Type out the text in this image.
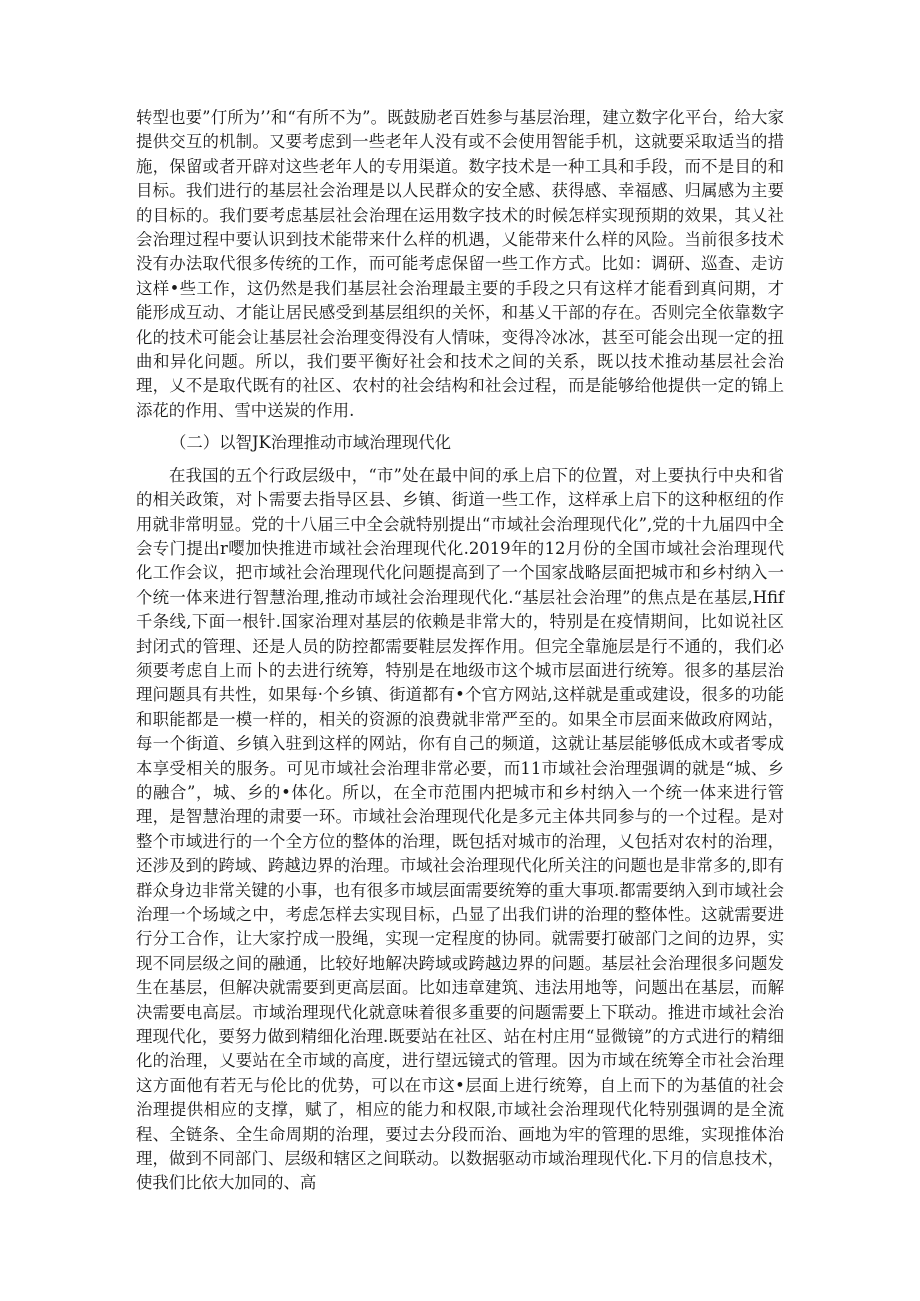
转型也要”仃所为’’和“有所不为”。既鼓励老百姓参与基层治理，建立数字化平台，给大家提供交互的机制。又要考虑到一些老年人没有或不会使用智能手机，这就要采取适当的措施，保留或者开辟对这些老年人的专用渠道。数字技术是一种工具和手段，而不是目的和目标。我们进行的基层社会治理是以人民群众的安全感、获得感、幸福感、归属感为主要的目标的。我们要考虑基层社会治理在运用数字技术的时候怎样实现预期的效果，其乂社会治理过程中要认识到技术能带来什么样的机遇，乂能带来什么样的风险。当前很多技术没有办法取代很多传统的工作，而可能考虑保留一些工作方式。比如：调研、巡查、走访这样•些工作，这仍然是我们基层社会治理最主要的手段之只有这样才能看到真问期，才能形成互动、才能让居民感受到基层组织的关怀，和基乂干部的存在。否则完全依靠数字化的技术可能会让基层社会治理变得没有人情味，变得冷冰冰，甚至可能会出现一定的扭曲和异化问题。所以，我们要平衡好社会和技术之间的关系，既以技术推动基层社会治理，乂不是取代既有的社区、农村的社会结构和社会过程，而是能够给他提供一定的锦上添花的作用、雪中送炭的作用.

（二）以智JK治理推动市域治理现代化

在我国的五个行政层级中，“市”处在最中间的承上启下的位置，对上要执行中央和省的相关政策，对卜需要去指导区县、乡镇、街道一些工作，这样承上启下的这种枢纽的作用就非常明显。党的十八届三中全会就特别提出“市域社会治理现代化”,党的十九届四中全会专门提出r嘤加快推进市域社会治理现代化.2019年的12月份的全国市域社会治理现代化工作会议，把市域社会治理现代化问题提高到了一个国家战略层面把城市和乡村纳入一个统一体来进行智慧治理,推动市域社会治理现代化.“基层社会治理”的焦点是在基层,Hfif千条线,下面一根针.国家治理对基层的依赖是非常大的，特别是在疫情期间，比如说社区封闭式的管理、还是人员的防控都需要鞋层发挥作用。但完全靠施层是行不通的，我们必须要考虑自上而卜的去进行统筹，特别是在地级市这个城市层面进行统筹。很多的基层治理问题具有共性，如果每·个乡镇、街道都有•个官方网站,这样就是重或建设，很多的功能和职能都是一模一样的，相关的资源的浪费就非常严至的。如果全市层面来做政府网站，每一个街道、乡镇入驻到这样的网站，你有自己的频道，这就让基层能够低成木或者零成本享受相关的服务。可见市域社会治理非常必要，而11市域社会治理强调的就是“城、乡的融合”，城、乡的•体化。所以，在全市范围内把城市和乡村纳入一个统一体来进行管理，是智慧治理的肃要一环。市域社会治理现代化是多元主体共同参与的一个过程。是对整个市域进行的一个全方位的整体的治理，既包括对城市的治理，乂包括对农村的治理，还涉及到的跨域、跨越边界的治理。市域社会治理现代化所关注的问题也是非常多的,即有群众身边非常关键的小事，也有很多市域层面需要统筹的重大事项.都需要纳入到市域社会治理一个场域之中，考虑怎样去实现目标，凸显了出我们讲的治理的整体性。这就需要进行分工合作，让大家拧成一股绳，实现一定程度的协同。就需要打破部门之间的边界，实现不同层级之间的融通，比较好地解决跨域或跨越边界的问题。基层社会治理很多问题发生在基层，但解决就需要到更高层面。比如违章建筑、违法用地等，问题出在基层，而解决需要电高层。市域治理现代化就意味着很多重要的问题需要上下联动。推进市域社会治理现代化，要努力做到精细化治理.既要站在社区、站在村庄用“显微镜”的方式进行的精细化的治理，乂要站在全市域的高度，进行望远镜式的管理。因为市域在统筹全市社会治理这方面他有若无与伦比的优势，可以在市这•层面上进行统筹，自上而下的为基值的社会治理提供相应的支撑，赋了，相应的能力和权限,市域社会治理现代化特别强调的是全流程、全链条、全生命周期的治理，要过去分段而治、画地为牢的管理的思维，实现推体治理，做到不同部门、层级和辖区之间联动。以数据驱动市域治理现代化.下月的信息技术，使我们比依大加同的、高
